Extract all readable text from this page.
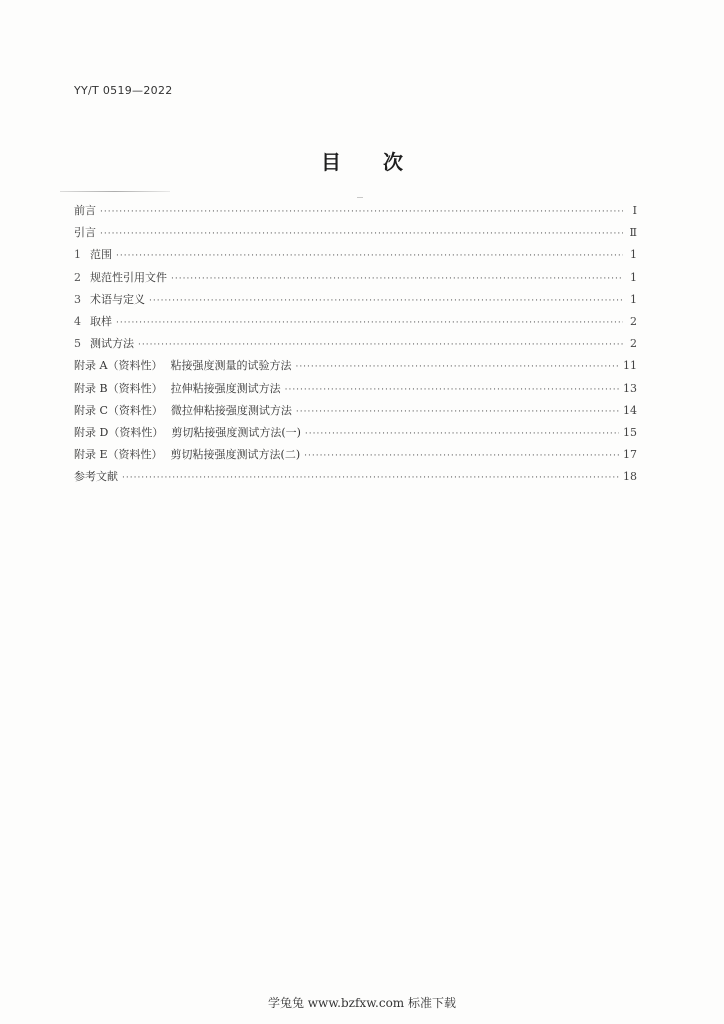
YY/T 0519—2022
目次
前言 ·····	Ⅰ
引言 ·····	Ⅱ
1 范围 ·····	1
2 规范性引用文件 ·····	1
3 术语与定义 ·····	1
4 取样 ·····	2
5 测试方法 ·····	2
附录 A（资料性） 粘接强度测量的试验方法 ·····	11
附录 B（资料性） 拉伸粘接强度测试方法 ·····	13
附录 C（资料性） 微拉伸粘接强度测试方法 ·····	14
附录 D（资料性） 剪切粘接强度测试方法(一) ·····	15
附录 E（资料性） 剪切粘接强度测试方法(二) ·····	17
参考文献 ·····	18
学兔兔 www.bzfxw.com 标准下载
